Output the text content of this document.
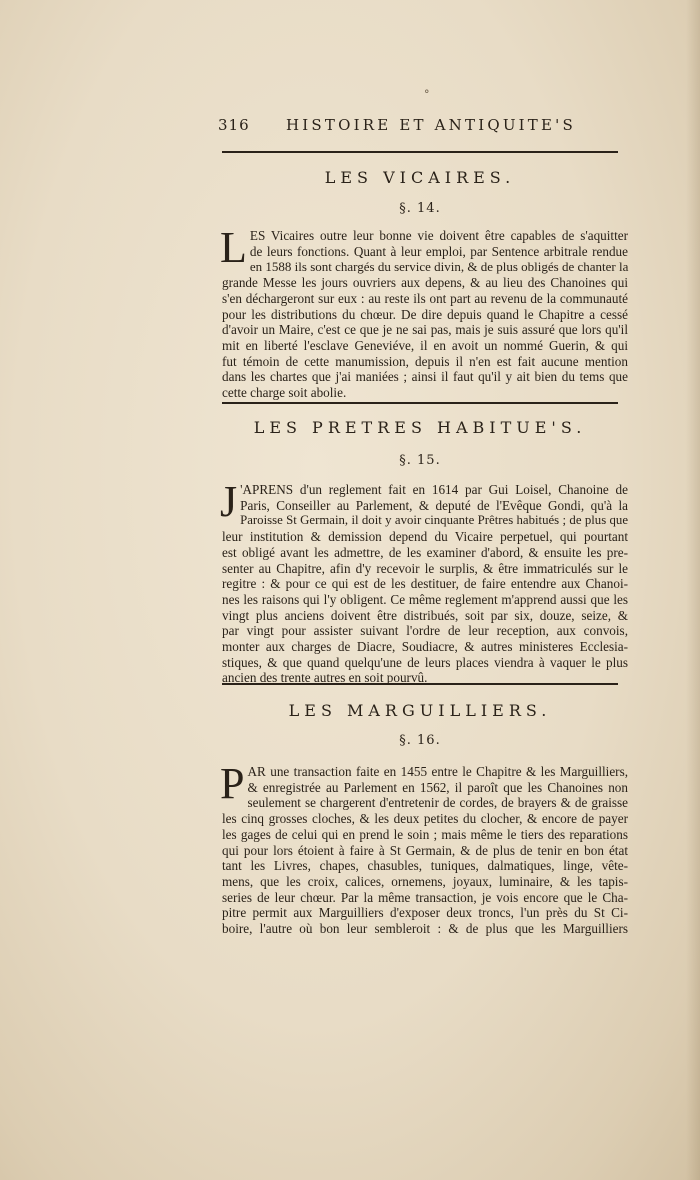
°
316 HISTOIRE ET ANTIQUITE'S
LES VICAIRES.
§. 14.
L ES Vicaires outre leur bonne vie doivent être capables de s'aquitter
de leurs fonctions. Quant à leur emploi, par Sentence arbitrale rendue
en 1588 ils sont chargés du service divin, & de plus obligés de chanter la
grande Messe les jours ouvriers aux depens, & au lieu des Chanoines qui
s'en déchargeront sur eux : au reste ils ont part au revenu de la communauté
pour les distributions du chœur. De dire depuis quand le Chapitre a cessé
d'avoir un Maire, c'est ce que je ne sai pas, mais je suis assuré que lors qu'il
mit en liberté l'esclave Geneviéve, il en avoit un nommé Guerin, & qui
fut témoin de cette manumission, depuis il n'en est fait aucune mention
dans les chartes que j'ai maniées ; ainsi il faut qu'il y ait bien du tems que
cette charge soit abolie.
LES PRETRES HABITUE'S.
§. 15.
J 'APRENS d'un reglement fait en 1614 par Gui Loisel, Chanoine de
Paris, Conseiller au Parlement, & deputé de l'Evêque Gondi, qu'à la
Paroisse St Germain, il doit y avoir cinquante Prêtres habitués ; de plus que
leur institution & demission depend du Vicaire perpetuel, qui pourtant
est obligé avant les admettre, de les examiner d'abord, & ensuite les pre-
senter au Chapitre, afin d'y recevoir le surplis, & être immatriculés sur le
regitre : & pour ce qui est de les destituer, de faire entendre aux Chanoi-
nes les raisons qui l'y obligent. Ce même reglement m'apprend aussi que les
vingt plus anciens doivent être distribués, soit par six, douze, seize, &
par vingt pour assister suivant l'ordre de leur reception, aux convois,
monter aux charges de Diacre, Soudiacre, & autres ministeres Ecclesia-
stiques, & que quand quelqu'une de leurs places viendra à vaquer le plus
ancien des trente autres en soit pourvû.
LES MARGUILLIERS.
§. 16.
P AR une transaction faite en 1455 entre le Chapitre & les Marguilliers,
& enregistrée au Parlement en 1562, il paroît que les Chanoines non
seulement se chargerent d'entretenir de cordes, de brayers & de graisse
les cinq grosses cloches, & les deux petites du clocher, & encore de payer
les gages de celui qui en prend le soin ; mais même le tiers des reparations
qui pour lors étoient à faire à St Germain, & de plus de tenir en bon état
tant les Livres, chapes, chasubles, tuniques, dalmatiques, linge, vête-
mens, que les croix, calices, ornemens, joyaux, luminaire, & les tapis-
series de leur chœur. Par la même transaction, je vois encore que le Cha-
pitre permit aux Marguilliers d'exposer deux troncs, l'un près du St Ci-
boire, l'autre où bon leur sembleroit : & de plus que les Marguilliers
